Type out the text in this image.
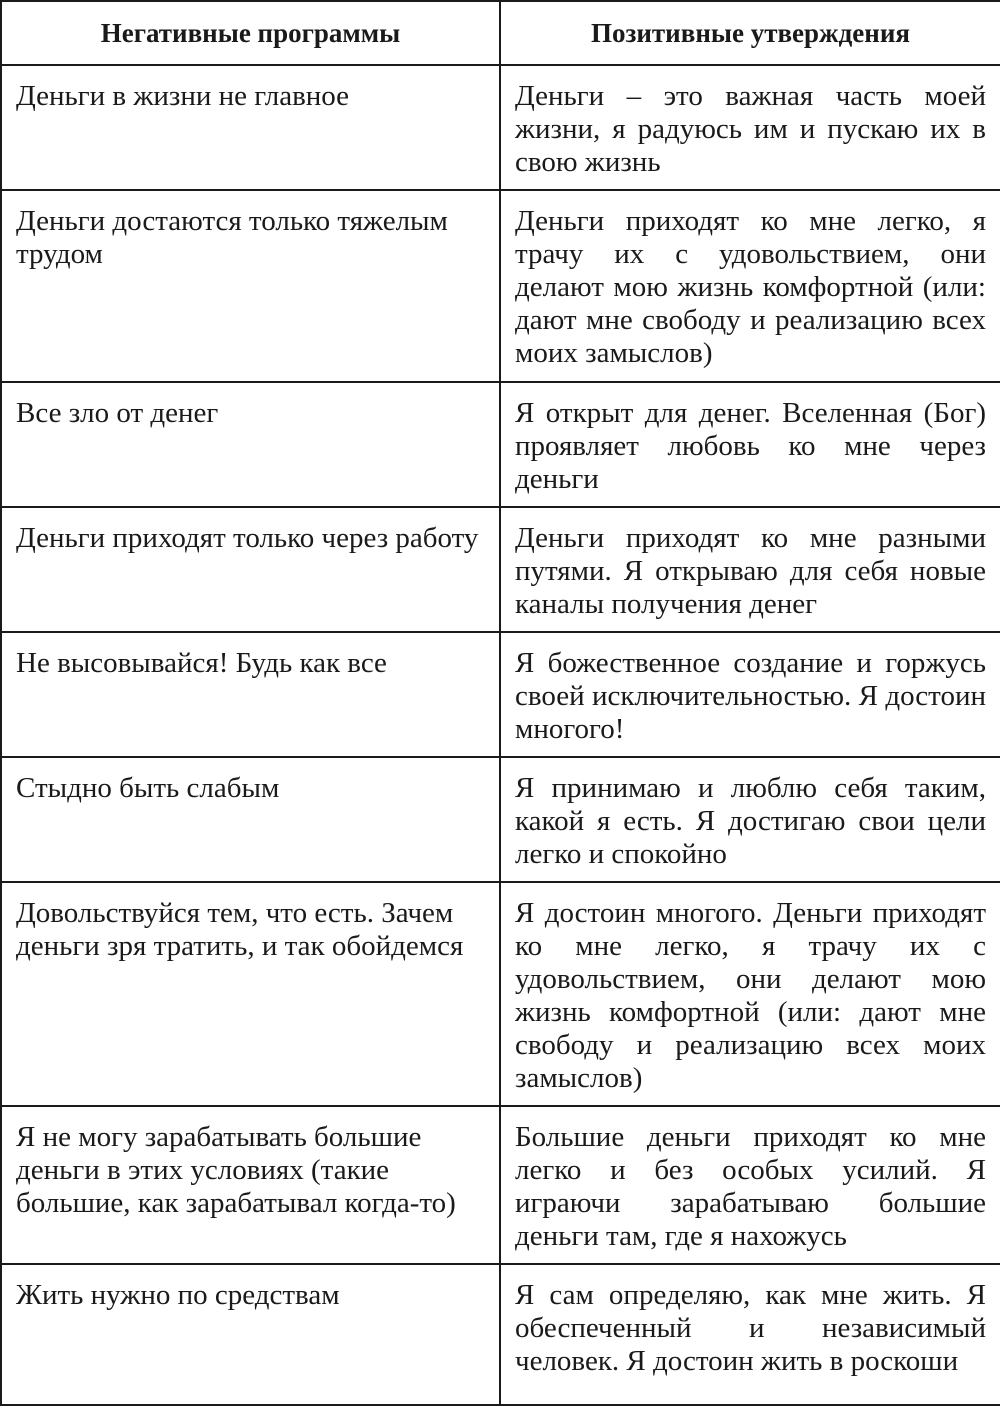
Негативные программы	Позитивные утверждения
Деньги в жизни не главное	Деньги – это важная часть моей жизни, я радуюсь им и пускаю их в свою жизнь
Деньги достаются только тяжелым трудом	Деньги приходят ко мне легко, я трачу их с удовольствием, они делают мою жизнь комфортной (или: дают мне свободу и реализацию всех моих замыслов)
Все зло от денег	Я открыт для денег. Вселенная (Бог) проявляет любовь ко мне через деньги
Деньги приходят только через работу	Деньги приходят ко мне разными путями. Я открываю для себя новые каналы получения денег
Не высовывайся! Будь как все	Я божественное создание и горжусь своей исключительностью. Я достоин многого!
Стыдно быть слабым	Я принимаю и люблю себя таким, какой я есть. Я достигаю свои цели легко и спокойно
Довольствуйся тем, что есть. Зачем деньги зря тратить, и так обойдемся	Я достоин многого. Деньги приходят ко мне легко, я трачу их с удовольствием, они делают мою жизнь комфортной (или: дают мне свободу и реализацию всех моих замыслов)
Я не могу зарабатывать большие деньги в этих условиях (такие большие, как зарабатывал когда-то)	Большие деньги приходят ко мне легко и без особых усилий. Я играючи зарабатываю большие деньги там, где я нахожусь
Жить нужно по средствам	Я сам определяю, как мне жить. Я обеспеченный и независимый человек. Я достоин жить в роскоши
